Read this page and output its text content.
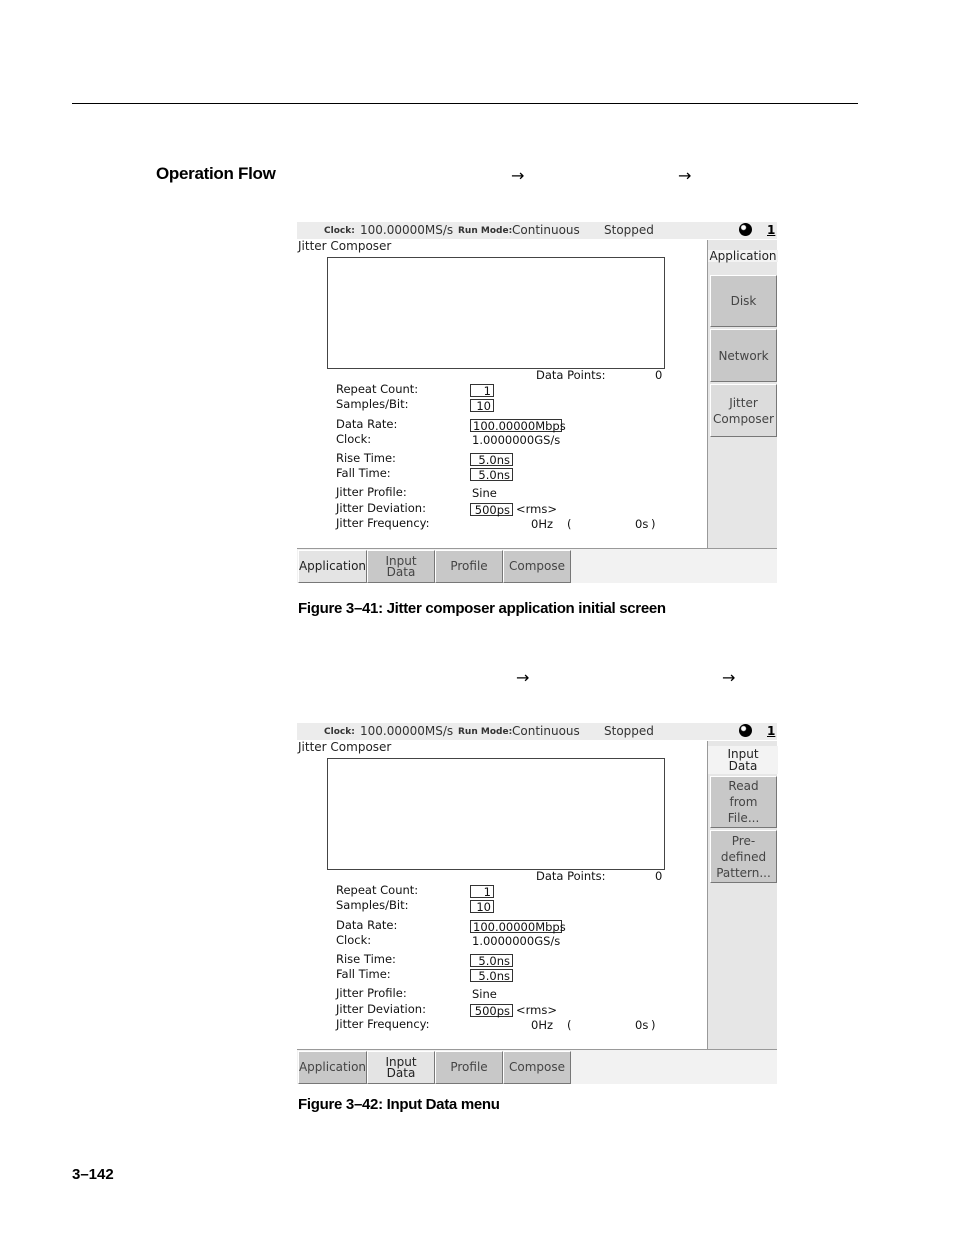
Operation Flow	→	→
Clock: 100.00000MS/s Run Mode: Continuous Stopped	1
Jitter Composer
Data Points:	0
Repeat Count:	1
Samples/Bit:	10
Data Rate:	100.00000Mbps
Clock:	1.0000000GS/s
Rise Time:	5.0ns
Fall Time:	5.0ns
Jitter Profile:	Sine
Jitter Deviation:	500ps <rms>
Jitter Frequency:	0Hz (	0s )
Application
Disk
Network
Jitter
Composer
Application Input
Data	Profile Compose
Figure 3–41: Jitter composer application initial screen
→	→
Clock: 100.00000MS/s Run Mode: Continuous Stopped	1
Jitter Composer
Data Points:	0
Repeat Count:	1
Samples/Bit:	10
Data Rate:	100.00000Mbps
Clock:	1.0000000GS/s
Rise Time:	5.0ns
Fall Time:	5.0ns
Jitter Profile:	Sine
Jitter Deviation:	500ps <rms>
Jitter Frequency:	0Hz (	0s )
Input
Data
Read
from
File...
Pre-
defined
Pattern...
Application Input
Data	Profile Compose
Figure 3–42: Input Data menu
3–142
